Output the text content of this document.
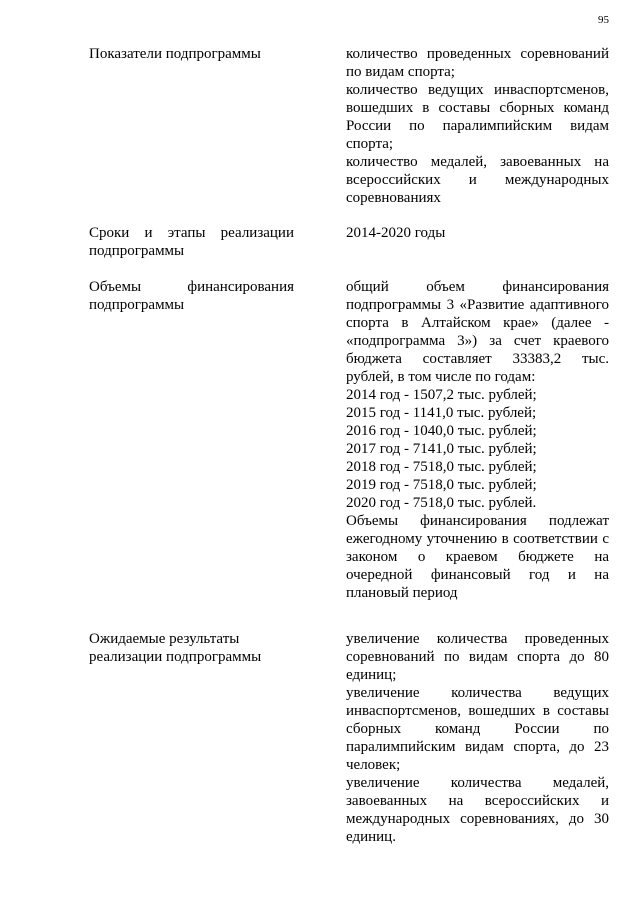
95
Показатели подпрограммы	количество проведенных соревнований по видам спорта;
количество ведущих инваспортсменов, вошедших в составы сборных команд России по паралимпийским видам спорта;
количество медалей, завоеванных на всероссийских и международных соревнованиях
Сроки и этапы реализации подпрограммы
2014-2020 годы
Объемы финансирования
подпрограммы
общий объем финансирования подпрограммы 3 «Развитие адаптивного спорта в Алтайском крае» (далее - «подпрограмма 3») за счет краевого бюджета составляет 33383,2 тыс. рублей, в том числе по годам:
2014 год - 1507,2 тыс. рублей;
2015 год - 1141,0 тыс. рублей;
2016 год - 1040,0 тыс. рублей;
2017 год - 7141,0 тыс. рублей;
2018 год - 7518,0 тыс. рублей;
2019 год - 7518,0 тыс. рублей;
2020 год - 7518,0 тыс. рублей.
Объемы финансирования подлежат ежегодному уточнению в соответствии с законом о краевом бюджете на очередной финансовый год и на плановый период
Ожидаемые результаты реализации подпрограммы
увеличение количества проведенных соревнований по видам спорта до 80 единиц;
увеличение количества ведущих инваспортсменов, вошедших в составы сборных команд России по паралимпийским видам спорта, до 23 человек;
увеличение количества медалей, завоеванных на всероссийских и международных соревнованиях, до 30 единиц.
